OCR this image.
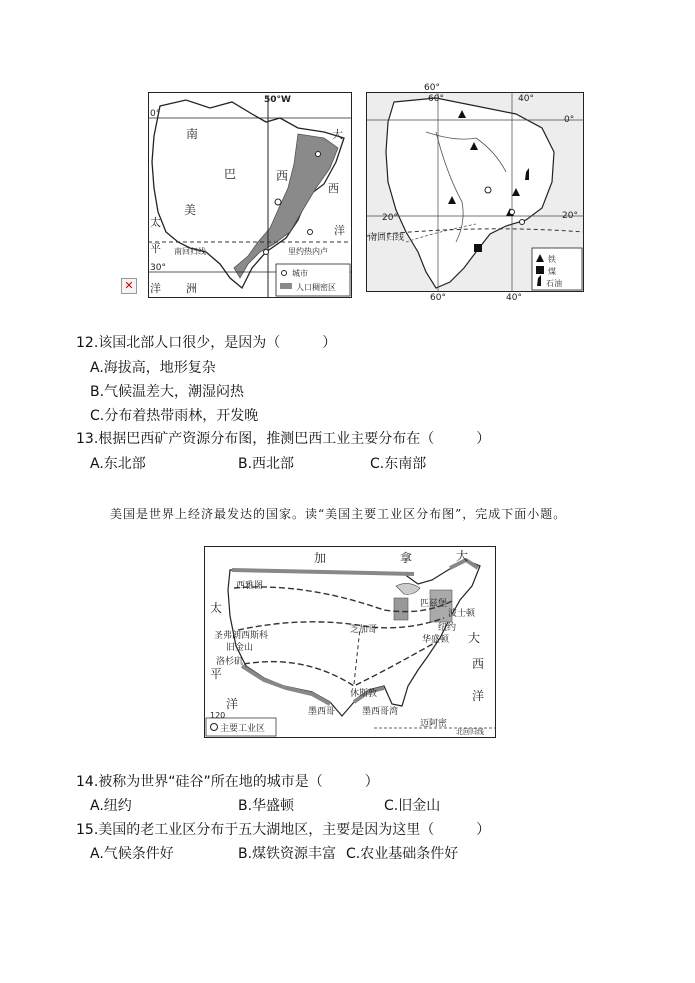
✕
50°W
0°
30°
南
巴	西
美
太
平
洋
大
西
洋
洲
南回归线	里约热内卢
城市
人口稠密区
60°
60°	40°
0°
20°
20°
南回归线
60°	40°
铁
煤
石油
12.该国北部人口很少，是因为（　　　）
A.海拔高，地形复杂
B.气候温差大，潮湿闷热
C.分布着热带雨林，开发晚
13.根据巴西矿产资源分布图，推测巴西工业主要分布在（　　　）
A.东北部	B.西北部	C.东南部
美国是世界上经济最发达的国家。读“美国主要工业区分布图”，完成下面小题。
加	拿	大
太
平
洋
大
西
洋
西雅图
芝加哥
圣弗朗西斯科
旧金山
洛杉矶
休斯敦
迈阿密
华盛顿
纽约
波士顿
匹兹堡
墨西哥	墨西哥湾
120
北回归线
主要工业区
14.被称为世界“硅谷”所在地的城市是（　　　）
A.纽约	B.华盛顿	C.旧金山
15.美国的老工业区分布于五大湖地区，主要是因为这里（　　　）
A.气候条件好	B.煤铁资源丰富 C.农业基础条件好
